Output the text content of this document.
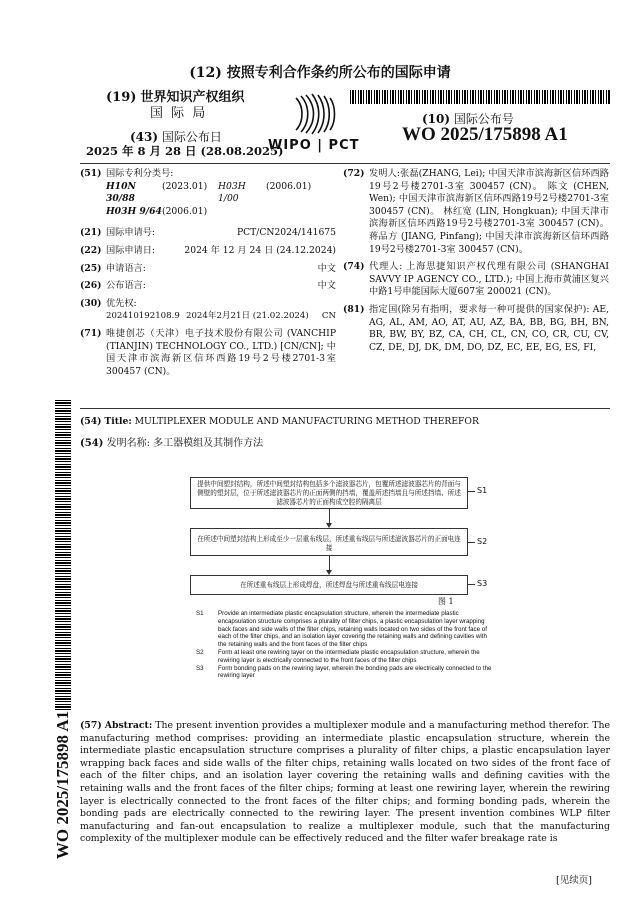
(12) 按照专利合作条约所公布的国际申请
(19) 世界知识产权组织
国 际 局
(43) 国际公布日
2025 年 8 月 28 日 (28.08.2025)
WIPO | PCT
(10) 国际公布号
WO 2025/175898 A1
WO 2025/175898 A1
(51) 国际专利分类号:
H10N 30/88
(2023.01)	H03H 1/00
(2006.01)
H03H 9/64 (2006.01)
(21) 国际申请号:	PCT/CN2024/141675
(22) 国际申请日:	2024 年 12 月 24 日 (24.12.2024)
(25) 申请语言:	中文
(26) 公布语言:	中文
(30) 优先权:
202410192108.9 2024年2月21日 (21.02.2024)	CN
(71) 唯捷创芯（天津）电子技术股份有限公司 (VANCHIP (TIANJIN) TECHNOLOGY CO., LTD.) [CN/CN]; 中国天津市滨海新区信环西路19号2号楼2701-3室 300457 (CN)。
(72) 发明人:张磊(ZHANG, Lei); 中国天津市滨海新区信环西路19号2号楼2701-3室 300457 (CN)。 陈文 (CHEN, Wen); 中国天津市滨海新区信环西路19号2号楼2701-3室 300457 (CN)。 林红宽 (LIN, Hongkuan); 中国天津市滨海新区信环西路19号2号楼2701-3室 300457 (CN)。 蒋品方 (JIANG, Pinfang); 中国天津市滨海新区信环西路19号2号楼2701-3室 300457 (CN)。
(74) 代理人: 上海思捷知识产权代理有限公司 (SHANGHAI SAVVY IP AGENCY CO., LTD.); 中国上海市黄浦区复兴中路1号申能国际大厦607室 200021 (CN)。
(81) 指定国(除另有指明，要求每一种可提供的国家保护): AE, AG, AL, AM, AO, AT, AU, AZ, BA, BB, BG, BH, BN, BR, BW, BY, BZ, CA, CH, CL, CN, CO, CR, CU, CV, CZ, DE, DJ, DK, DM, DO, DZ, EC, EE, EG, ES, FI,
(54) Title: MULTIPLEXER MODULE AND MANUFACTURING METHOD THEREFOR
(54) 发明名称: 多工器模组及其制作方法
提供中间塑封结构，所述中间塑封结构包括多个滤波器芯片，包覆所述滤波器芯片的背面与侧壁的塑封层，位于所述滤波器芯片的正面两侧的挡墙，覆盖所述挡墙且与所述挡墙、所述滤波器芯片的正面构成空腔的隔离层
在所述中间塑封结构上形成至少一层重布线层，所述重布线层与所述滤波器芯片的正面电连接
在所述重布线层上形成焊盘，所述焊盘与所述重布线层电连接
S1
S2
S3
图 1
S1	Provide an intermediate plastic encapsulation structure, wherein the intermediate plastic encapsulation structure comprises a plurality of filter chips, a plastic encapsulation layer wrapping back faces and side walls of the filter chips, retaining walls located on two sides of the front face of each of the filter chips, and an isolation layer covering the retaining walls and defining cavities with the retaining walls and the front faces of the filter chips
S2	Form at least one rewiring layer on the intermediate plastic encapsulation structure, wherein the rewiring layer is electrically connected to the front faces of the filter chips
S3	Form bonding pads on the rewiring layer, wherein the bonding pads are electrically connected to the rewiring layer
(57) Abstract: The present invention provides a multiplexer module and a manufacturing method therefor. The manufacturing method comprises: providing an intermediate plastic encapsulation structure, wherein the intermediate plastic encapsulation structure comprises a plurality of filter chips, a plastic encapsulation layer wrapping back faces and side walls of the filter chips, retaining walls located on two sides of the front face of each of the filter chips, and an isolation layer covering the retaining walls and defining cavities with the retaining walls and the front faces of the filter chips; forming at least one rewiring layer, wherein the rewiring layer is electrically connected to the front faces of the filter chips; and forming bonding pads, wherein the bonding pads are electrically connected to the rewiring layer. The present invention combines WLP filter manufacturing and fan-out encapsulation to realize a multiplexer module, such that the manufacturing complexity of the multiplexer module can be effectively reduced and the filter wafer breakage rate is
[见续页]
